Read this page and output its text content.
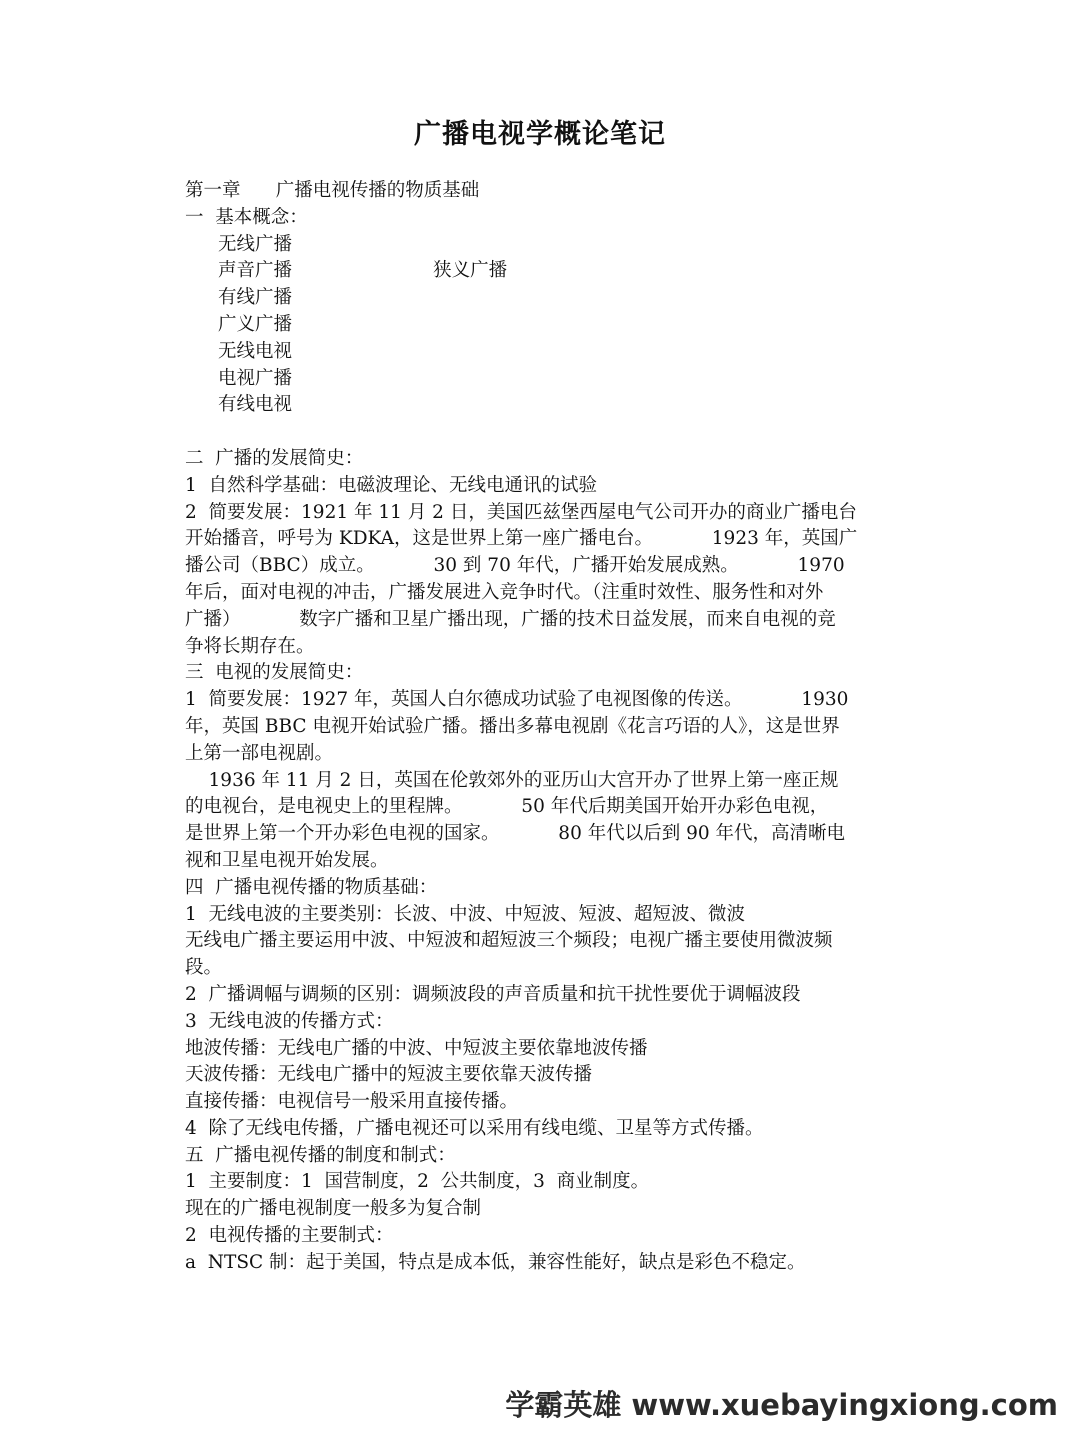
广播电视学概论笔记
第一章      广播电视传播的物质基础
一  基本概念：
无线广播
声音广播                        狭义广播
有线广播
广义广播
无线电视
电视广播
有线电视
二  广播的发展简史：
1  自然科学基础：电磁波理论、无线电通讯的试验
2  简要发展：1921 年 11 月 2 日，美国匹兹堡西屋电气公司开办的商业广播电台
开始播音，呼号为 KDKA，这是世界上第一座广播电台。          1923 年，英国广
播公司（BBC）成立。          30 到 70 年代，广播开始发展成熟。          1970
年后，面对电视的冲击，广播发展进入竞争时代。（注重时效性、服务性和对外
广播）          数字广播和卫星广播出现，广播的技术日益发展，而来自电视的竞
争将长期存在。
三  电视的发展简史：
1  简要发展：1927 年，英国人白尔德成功试验了电视图像的传送。          1930
年，英国 BBC 电视开始试验广播。播出多幕电视剧《花言巧语的人》，这是世界
上第一部电视剧。
1936 年 11 月 2 日，英国在伦敦郊外的亚历山大宫开办了世界上第一座正规
的电视台，是电视史上的里程牌。          50 年代后期美国开始开办彩色电视，
是世界上第一个开办彩色电视的国家。          80 年代以后到 90 年代，高清晰电
视和卫星电视开始发展。
四  广播电视传播的物质基础：
1  无线电波的主要类别：长波、中波、中短波、短波、超短波、微波
无线电广播主要运用中波、中短波和超短波三个频段；电视广播主要使用微波频
段。
2  广播调幅与调频的区别：调频波段的声音质量和抗干扰性要优于调幅波段
3  无线电波的传播方式：
地波传播：无线电广播的中波、中短波主要依靠地波传播
天波传播：无线电广播中的短波主要依靠天波传播
直接传播：电视信号一般采用直接传播。
4  除了无线电传播，广播电视还可以采用有线电缆、卫星等方式传播。
五  广播电视传播的制度和制式：
1  主要制度：1  国营制度，2  公共制度，3  商业制度。
现在的广播电视制度一般多为复合制
2  电视传播的主要制式：
a  NTSC 制：起于美国，特点是成本低，兼容性能好，缺点是彩色不稳定。
学霸英雄 www.xuebayingxiong.com
